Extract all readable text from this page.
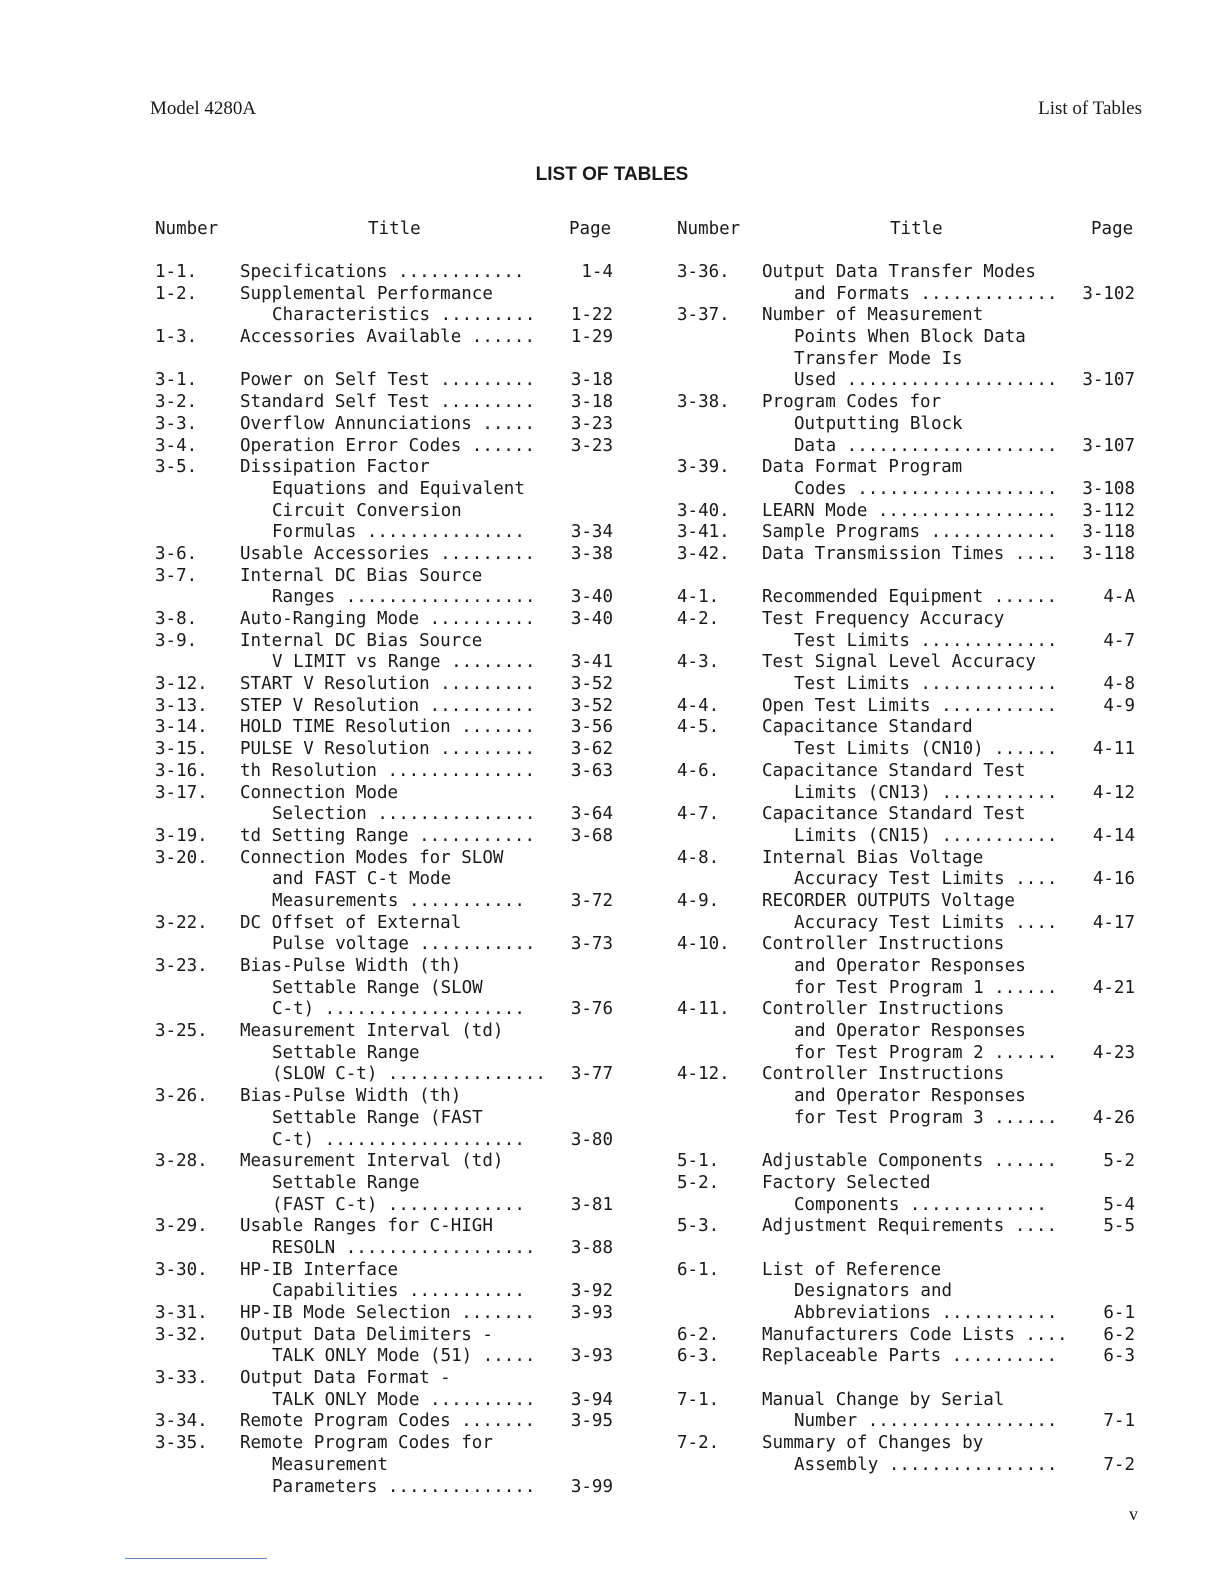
Model 4280A	List of Tables
LIST OF TABLES
Number	Title	Page
1-1. Specifications ............	1-4
1-2. Supplemental Performance
Characteristics ......... 1-22
1-3. Accessories Available ...... 1-29
3-1. Power on Self Test ......... 3-18
3-2. Standard Self Test ......... 3-18
3-3. Overflow Annunciations ..... 3-23
3-4. Operation Error Codes ...... 3-23
3-5. Dissipation Factor
Equations and Equivalent
Circuit Conversion
Formulas ...............	3-34
3-6. Usable Accessories ......... 3-38
3-7. Internal DC Bias Source
Ranges .................. 3-40
3-8. Auto-Ranging Mode .......... 3-40
3-9. Internal DC Bias Source
V LIMIT vs Range ........ 3-41
3-12. START V Resolution ......... 3-52
3-13. STEP V Resolution .......... 3-52
3-14. HOLD TIME Resolution ....... 3-56
3-15. PULSE V Resolution ......... 3-62
3-16. th Resolution .............. 3-63
3-17. Connection Mode
Selection ............... 3-64
3-19. td Setting Range ........... 3-68
3-20. Connection Modes for SLOW
and FAST C-t Mode
Measurements ...........	3-72
3-22. DC Offset of External
Pulse voltage ........... 3-73
3-23. Bias-Pulse Width (th)
Settable Range (SLOW
C-t) ...................	3-76
3-25. Measurement Interval (td)
Settable Range
(SLOW C-t) ............... 3-77
3-26. Bias-Pulse Width (th)
Settable Range (FAST
C-t) ...................	3-80
3-28. Measurement Interval (td)
Settable Range
(FAST C-t) .............	3-81
3-29. Usable Ranges for C-HIGH
RESOLN .................. 3-88
3-30. HP-IB Interface
Capabilities ...........	3-92
3-31. HP-IB Mode Selection ....... 3-93
3-32. Output Data Delimiters -
TALK ONLY Mode (51) ..... 3-93
3-33. Output Data Format -
TALK ONLY Mode .......... 3-94
3-34. Remote Program Codes ....... 3-95
3-35. Remote Program Codes for
Measurement
Parameters .............. 3-99
Number	Title	Page
3-36. Output Data Transfer Modes
and Formats ............. 3-102
3-37. Number of Measurement
Points When Block Data
Transfer Mode Is
Used .................... 3-107
3-38. Program Codes for
Outputting Block
Data .................... 3-107
3-39. Data Format Program
Codes ................... 3-108
3-40. LEARN Mode ................. 3-112
3-41. Sample Programs ............ 3-118
3-42. Data Transmission Times .... 3-118
4-1. Recommended Equipment ......	4-A
4-2. Test Frequency Accuracy
Test Limits .............	4-7
4-3. Test Signal Level Accuracy
Test Limits .............	4-8
4-4. Open Test Limits ...........	4-9
4-5. Capacitance Standard
Test Limits (CN10) ...... 4-11
4-6. Capacitance Standard Test
Limits (CN13) ........... 4-12
4-7. Capacitance Standard Test
Limits (CN15) ........... 4-14
4-8. Internal Bias Voltage
Accuracy Test Limits .... 4-16
4-9. RECORDER OUTPUTS Voltage
Accuracy Test Limits .... 4-17
4-10. Controller Instructions
and Operator Responses
for Test Program 1 ...... 4-21
4-11. Controller Instructions
and Operator Responses
for Test Program 2 ...... 4-23
4-12. Controller Instructions
and Operator Responses
for Test Program 3 ...... 4-26
5-1. Adjustable Components ......	5-2
5-2. Factory Selected
Components .............	5-4
5-3. Adjustment Requirements ....	5-5
6-1. List of Reference
Designators and
Abbreviations ...........	6-1
6-2. Manufacturers Code Lists .... 6-2
6-3. Replaceable Parts ..........	6-3
7-1. Manual Change by Serial
Number ..................	7-1
7-2. Summary of Changes by
Assembly ................	7-2
v
